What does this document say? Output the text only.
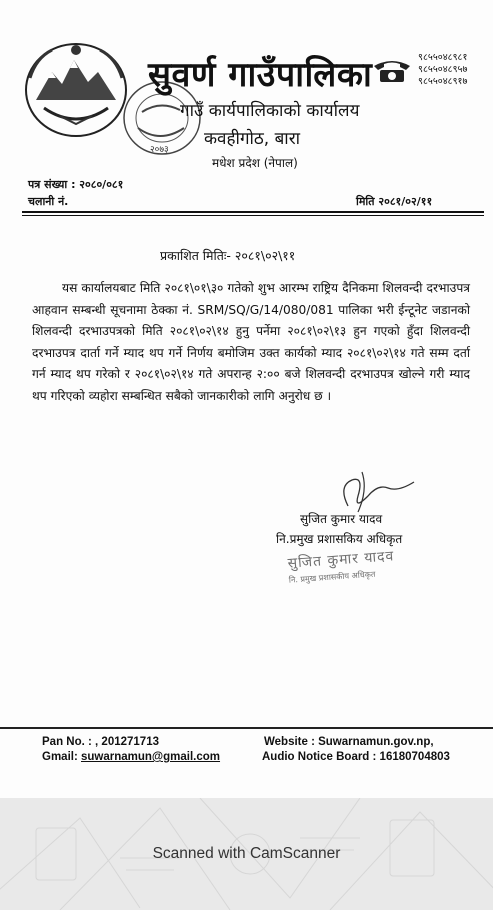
२०७३
सुवर्ण गाउँपालिका
गाउँ कार्यपालिकाको कार्यालय
कवहीगोठ, बारा
मधेश प्रदेश (नेपाल)
९८५५०४८९८१
९८५५०४८९५७
९८५५०४८९१७
पत्र संख्या : २०८०/०८१
चलानी नं.	मिति २०८१/०२/११
प्रकाशित मितिः- २०८१\०२\११
यस कार्यालयबाट मिति २०८१\०१\३० गतेको शुभ आरम्भ राष्ट्रिय दैनिकमा शिलवन्दी दरभाउपत्र आहवान सम्बन्धी सूचनामा ठेक्का नं. SRM/SQ/G/14/080/081 पालिका भरी ईन्टूनेट जडानको शिलवन्दी दरभाउपत्रको मिति २०८१\०२\१४ हुनु पर्नेमा २०८१\०२\१३ हुन गएको हुँदा शिलवन्दी दरभाउपत्र दार्ता गर्ने म्याद थप गर्ने निर्णय बमोजिम उक्त कार्यको म्याद २०८१\०२\१४ गते सम्म दर्ता गर्न म्याद थप गरेको र २०८१\०२\१४ गते अपरान्ह २:०० बजे शिलवन्दी दरभाउपत्र खोल्ने गरी म्याद थप गरिएको व्यहोरा सम्बन्धित सबैको जानकारीको लागि अनुरोध छ ।
सुजित कुमार यादव
नि.प्रमुख प्रशासकिय अधिकृत
सुजित कुमार यादव
नि. प्रमुख प्रशासकीय अधिकृत
Pan No. : , 201271713
Gmail: suwarnamun@gmail.com
Website : Suwarnamun.gov.np,
Audio Notice Board : 16180704803
Scanned with CamScanner
